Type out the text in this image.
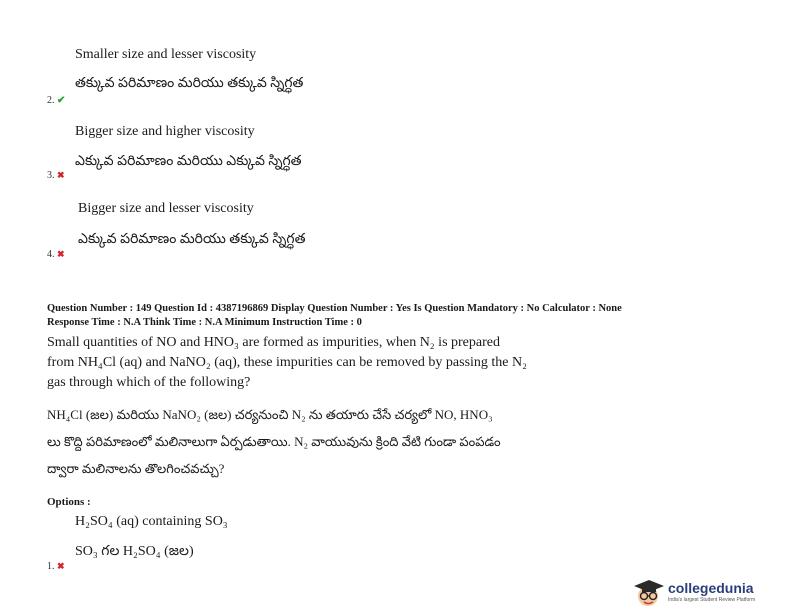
Smaller size and lesser viscosity
తక్కువ పరిమాణం మరియు తక్కువ స్నిగ్ధత
2. ✔
Bigger size and higher viscosity
ఎక్కువ పరిమాణం మరియు ఎక్కువ స్నిగ్ధత
3. ✖
Bigger size and lesser viscosity
ఎక్కువ పరిమాణం మరియు తక్కువ స్నిగ్ధత
4. ✖
Question Number : 149 Question Id : 4387196869 Display Question Number : Yes Is Question Mandatory : No Calculator : None
Response Time : N.A Think Time : N.A Minimum Instruction Time : 0
Small quantities of NO and HNO₃ are formed as impurities, when N₂ is prepared
from NH₄Cl (aq) and NaNO₂ (aq), these impurities can be removed by passing the N₂
gas through which of the following?
NH₄Cl (జల) మరియు NaNO₂ (జల) చర్యనుంచి N₂ ను తయారు చేసే చర్యలో NO, HNO₃
లు కొద్ది పరిమాణంలో మలినాలుగా ఏర్పడుతాయి. N₂ వాయువును క్రింది వేటి గుండా పంపడం
ద్వారా మలినాలను తొలగించవచ్చు?
Options :
H₂SO₄ (aq) containing SO₃
SO₃ గల H₂SO₄ (జల)
1. ✖
collegedunia
India's largest Student Review Platform
